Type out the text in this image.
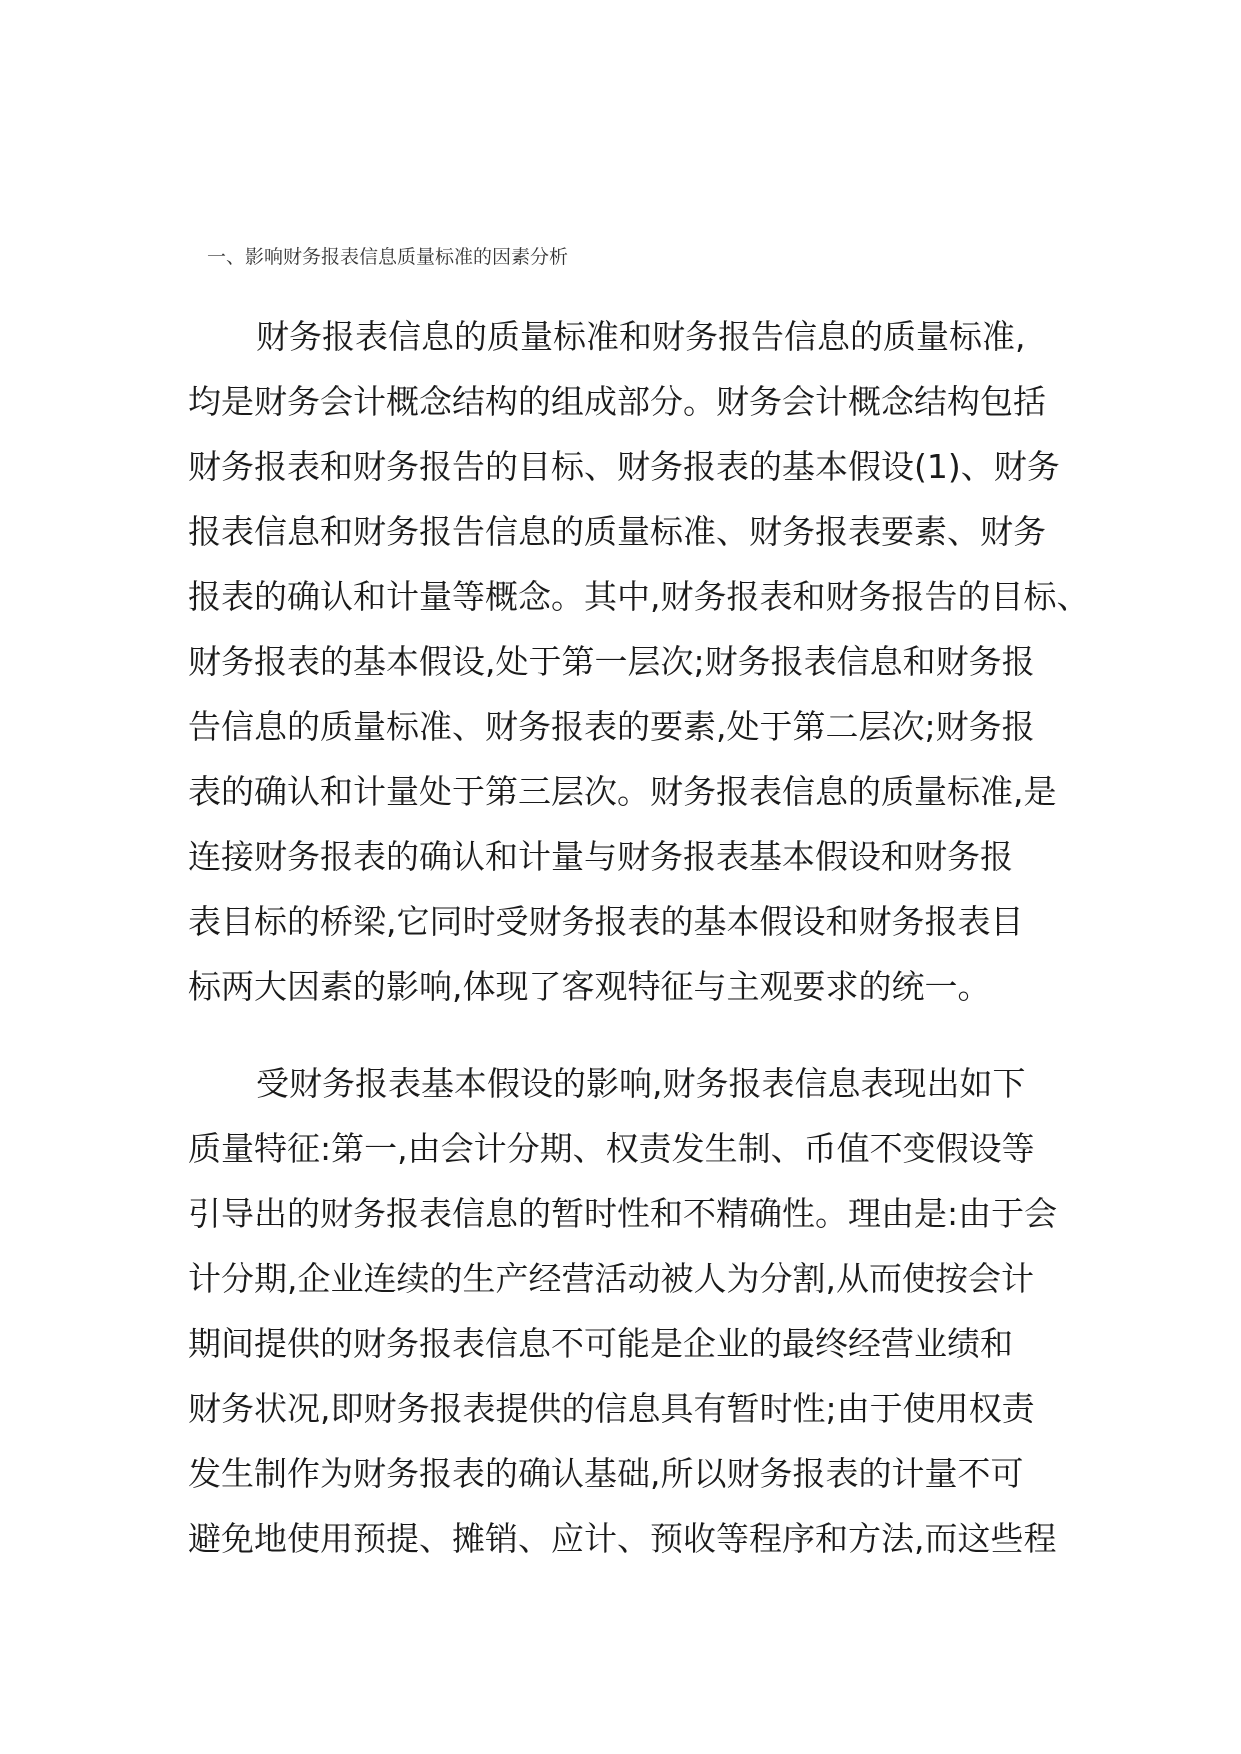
一、影响财务报表信息质量标准的因素分析
财务报表信息的质量标准和财务报告信息的质量标准,
均是财务会计概念结构的组成部分。财务会计概念结构包括
财务报表和财务报告的目标、财务报表的基本假设(1)、财务
报表信息和财务报告信息的质量标准、财务报表要素、财务
报表的确认和计量等概念。其中,财务报表和财务报告的目标、
财务报表的基本假设,处于第一层次;财务报表信息和财务报
告信息的质量标准、财务报表的要素,处于第二层次;财务报
表的确认和计量处于第三层次。财务报表信息的质量标准,是
连接财务报表的确认和计量与财务报表基本假设和财务报
表目标的桥梁,它同时受财务报表的基本假设和财务报表目
标两大因素的影响,体现了客观特征与主观要求的统一。
受财务报表基本假设的影响,财务报表信息表现出如下
质量特征:第一,由会计分期、权责发生制、币值不变假设等
引导出的财务报表信息的暂时性和不精确性。理由是:由于会
计分期,企业连续的生产经营活动被人为分割,从而使按会计
期间提供的财务报表信息不可能是企业的最终经营业绩和
财务状况,即财务报表提供的信息具有暂时性;由于使用权责
发生制作为财务报表的确认基础,所以财务报表的计量不可
避免地使用预提、摊销、应计、预收等程序和方法,而这些程
